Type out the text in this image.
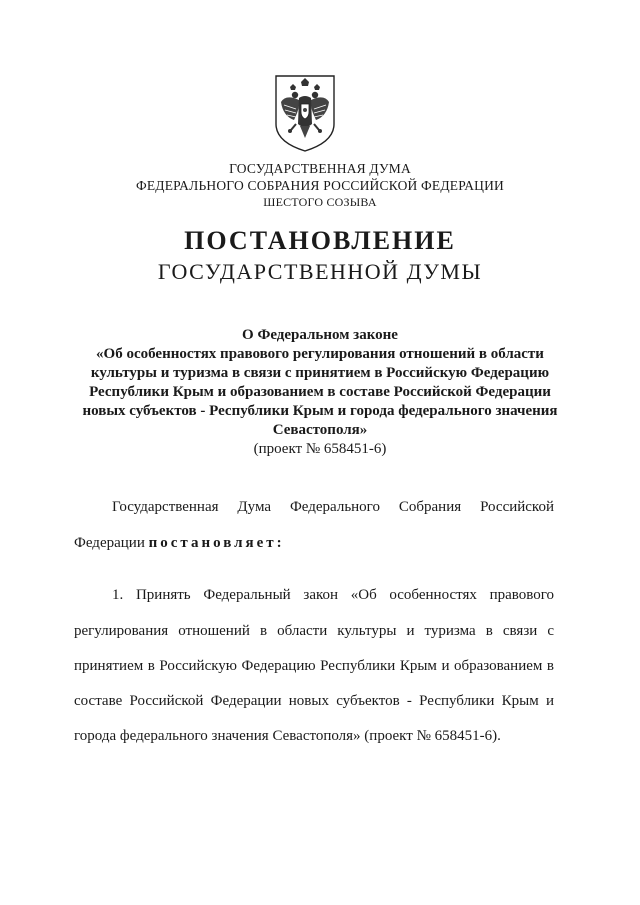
ГОСУДАРСТВЕННАЯ ДУМА
ФЕДЕРАЛЬНОГО СОБРАНИЯ РОССИЙСКОЙ ФЕДЕРАЦИИ
ШЕСТОГО СОЗЫВА
ПОСТАНОВЛЕНИЕ
ГОСУДАРСТВЕННОЙ ДУМЫ
О Федеральном законе
«Об особенностях правового регулирования отношений в области
культуры и туризма в связи с принятием в Российскую Федерацию
Республики Крым и образованием в составе Российской Федерации
новых субъектов - Республики Крым и города федерального значения
Севастополя»
(проект № 658451-6)
Государственная Дума Федерального Собрания Российской
Федерации постановляет:
1. Принять Федеральный закон «Об особенностях правового
регулирования отношений в области культуры и туризма в связи с
принятием в Российскую Федерацию Республики Крым и образованием в
составе Российской Федерации новых субъектов - Республики Крым и
города федерального значения Севастополя» (проект № 658451-6).
